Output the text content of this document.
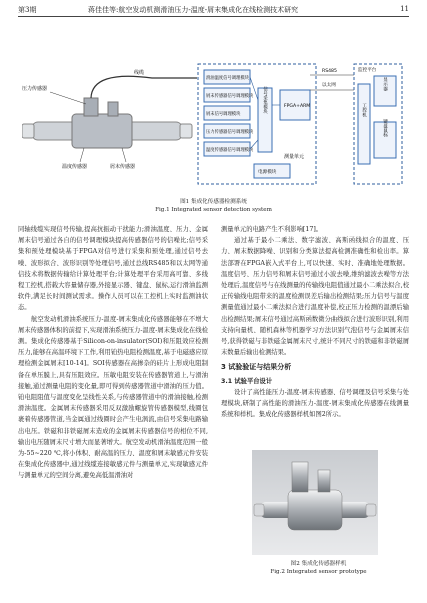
第3期	蒋佳佳等:航空发动机测滑油压力-温度-屑末集成化在线检测技术研究	11
线缆
压力传感器
温度传感器	屑末传感器
滑油温度信号调理模块
屑末传感器信号调理模块
屑末信号调理模块
压力传感器信号调理模块
温度传感器信号调理模块
信号采集模块	FPGA+ARM
测量单元
电源模块
RS485
以太网
监控平台
显示器
工控机
键盘鼠标
图1 集成化传感器检测系统
Fig.1 Integrated sensor detection system

同轴线缆实现信号传输,提高抗振动干扰能力;滑油温度、压力、金属屑末信号通过各自的信号调理模块提高传感器信号的信噪比;信号采集和预处理模块基于FPGA对信号进行采集和预处理,通过信号去噪、波形拟合、波形识别等处理信号,通过总线RS485和以太网等通信技术将数据传输给计算处理平台;计算处理平台采用高可靠、多线程工控机,搭载大容量储存器,外接显示器、键盘、鼠标,运行滑油监测软件,满足长时间测试需求。操作人员可以在工控机上实时监测油状态。

航空发动机滑油系统压力-温度-屑末集成化传感器能够在不增大屑末传感器体积的前提下,实现滑油系统压力-温度-屑末集成化在线检测。集成化传感器基于Silicon-on-insulator(SOI)和压阻效应检测压力,能够在高温环境下工作,利用铂热电阻检测温度,基于电磁感应原理检测金属屑末[10-14]。SOI传感器在高掺杂的硅片上形成电阻制备在单压膜上,具有压阻效应。压敏电阻安装在传感器管道上,与滑油接触,通过测量电阻的变化量,即可得到传感器管道中滑油的压力值。铂电阻阻值与温度变化呈线性关系,与传感器管道中的滑油接触,检测滑油温度。金属屑末传感器采用反双激励螺旋管传感器模型,线圈包裹着传感器管道,当金属通过线圈时会产生电涡流,由信号采集电路输出电压。铁磁和非铁磁屑末造成的金属屑末传感器信号的相位不同,输出电压随屑末尺寸增大而显著增大。航空发动机滑油温度范围一般为-55~220 ℃,将小体积、耐高温的压力、温度和屑末敏感元件安装在集成化传感器中,通过线缆连接敏感元件与测量单元,实现敏感元件与测量单元的空间分离,避免高低温滑油对

测量单元的电路产生不利影响[17]。

通过基于最小二乘法、数字滤波、高斯函线拟合的温度、压力、屑末数据降噪、识别和分类算法提高检测准确性和检出率。算法部署在FPGA嵌入式平台上,可以快速、实时、准确地处理数据。温度信号、压力信号和屑末信号通过小波去噪,维纳滤波去噪等方法处理后,温度信号与在线测量的传输线电阻值通过最小二乘法拟合,校正传输线电阻带来的温度检测误差后输出检测结果;压力信号与温度测量值通过最小二乘法拟合进行温度补偿,校正压力检测的温漂后输出检测结果;屑末信号通过高斯函数微分曲线拟合进行波形识别,利用支持向量机、随机森林等机器学习方法识别气泡信号与金属屑末信号,获得铁磁与非铁磁金属屑末尺寸,统计不同尺寸的铁磁和非铁磁屑末数量后输出检测结果。

3 试验验证与结果分析

3.1 试验平台设计

设计了高性能压力-温度-屑末传感器、信号调理及信号采集与处理模块,研制了高性能的滑油压力-温度-屑末集成化传感器在线测量系统和样机。集成化传感器样机如图2所示。

图2 集成化传感器样机
Fig.2 Integrated sensor prototype
